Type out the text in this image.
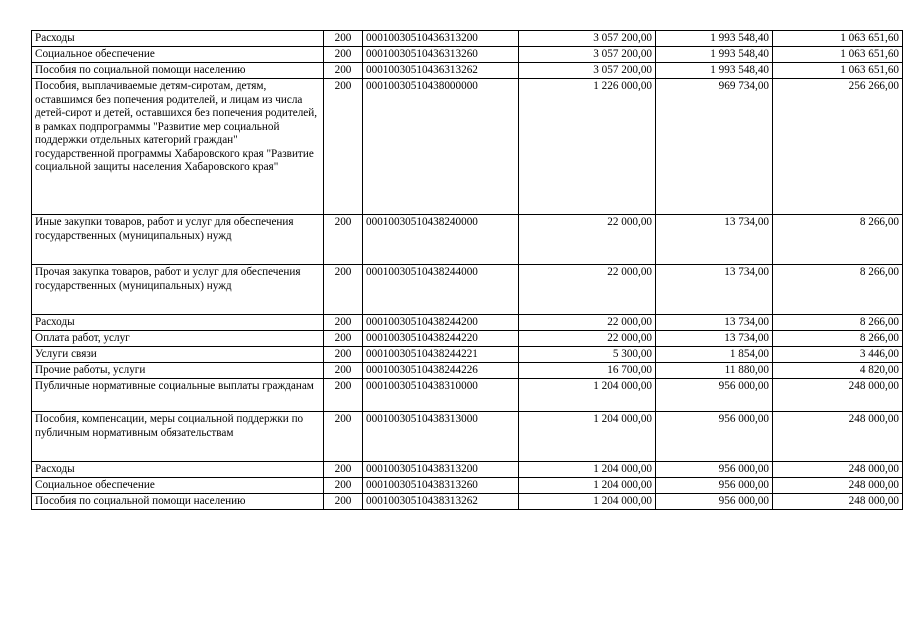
Расходы	200	00010030510436313200	3 057 200,00	1 993 548,40	1 063 651,60
Социальное обеспечение	200	00010030510436313260	3 057 200,00	1 993 548,40	1 063 651,60
Пособия по социальной помощи населению	200	00010030510436313262	3 057 200,00	1 993 548,40	1 063 651,60
Пособия, выплачиваемые детям-сиротам, детям, оставшимся без попечения родителей, и лицам из числа детей-сирот и детей, оставшихся без попечения родителей, в рамках подпрограммы "Развитие мер социальной поддержки отдельных категорий граждан" государственной программы Хабаровского края "Развитие социальной защиты населения Хабаровского края"	200	00010030510438000000	1 226 000,00	969 734,00	256 266,00
Иные закупки товаров, работ и услуг для обеспечения государственных (муниципальных) нужд	200	00010030510438240000	22 000,00	13 734,00	8 266,00
Прочая закупка товаров, работ и услуг для обеспечения государственных (муниципальных) нужд	200	00010030510438244000	22 000,00	13 734,00	8 266,00
Расходы	200	00010030510438244200	22 000,00	13 734,00	8 266,00
Оплата работ, услуг	200	00010030510438244220	22 000,00	13 734,00	8 266,00
Услуги связи	200	00010030510438244221	5 300,00	1 854,00	3 446,00
Прочие работы, услуги	200	00010030510438244226	16 700,00	11 880,00	4 820,00
Публичные нормативные социальные выплаты гражданам	200	00010030510438310000	1 204 000,00	956 000,00	248 000,00
Пособия, компенсации, меры социальной поддержки по публичным нормативным обязательствам	200	00010030510438313000	1 204 000,00	956 000,00	248 000,00
Расходы	200	00010030510438313200	1 204 000,00	956 000,00	248 000,00
Социальное обеспечение	200	00010030510438313260	1 204 000,00	956 000,00	248 000,00
Пособия по социальной помощи населению	200	00010030510438313262	1 204 000,00	956 000,00	248 000,00
